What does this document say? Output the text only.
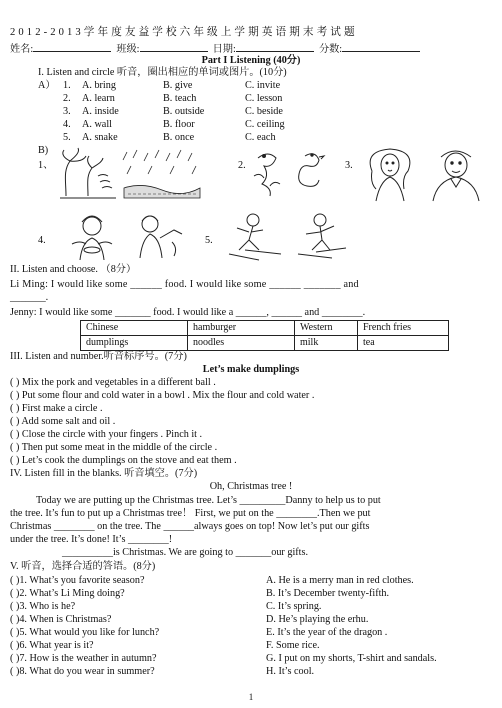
2012-2013学年度友益学校六年级上学期英语期末考试题
姓名:	班级:	日期:	分数:
Part I Listening (40分)
I. Listen and circle 听音，圈出相应的单词或图片。(10分)
A） 1. A. bring	B. give	C. invite
2. A. learn	B. teach	C. lesson
3. A. inside	B. outside	C. beside
4. A. wall	B. floor	C. ceiling
5. A. snake	B. once	C. each
B)
1、	2.	3.
4.	5.
II. Listen and choose. （8分）
Li Ming: I would like some ______ food. I would like some ______ _______ and
_______.
Jenny: I would like some _______ food. I would like a ______, ______ and ________.
Chinese	hamburger	Western	French fries
dumplings	noodles	milk	tea
III. Listen and number.听音标序号。(7分)
Let’s make dumplings
( ) Mix the pork and vegetables in a different ball .
( ) Put some flour and cold water in a bowl . Mix the flour and cold water .
( ) First make a circle .
( ) Add some salt and oil .
( ) Close the circle with your fingers . Pinch it .
( ) Then put some meat in the middle of the circle .
( ) Let’s cook the dumplings on the stove and eat them .
IV. Listen fill in the blanks. 听音填空。(7分)
Oh, Christmas tree !
Today we are putting up the Christmas tree. Let’s _________Danny to help us to put
the tree. It’s fun to put up a Christmas tree！ First, we put on the ________.Then we put
Christmas ________ on the tree. The ______always goes on top! Now let’s put our gifts
under the tree. It’s done! It’s ________!
__________is Christmas. We are going to _______our gifts.
V. 听音，选择合适的答语。(8分)
( )1. What’s you favorite season?
( )2. What’s Li Ming doing?
( )3. Who is he?
( )4. When is Christmas?
( )5. What would you like for lunch?
( )6. What year is it?
( )7. How is the weather in autumn?
( )8. What do you wear in summer?
A. He is a merry man in red clothes.
B. It’s December twenty-fifth.
C. It’s spring.
D. He’s playing the erhu.
E. It’s the year of the dragon .
F. Some rice.
G. I put on my shorts, T-shirt and sandals.
H. It’s cool.
1
